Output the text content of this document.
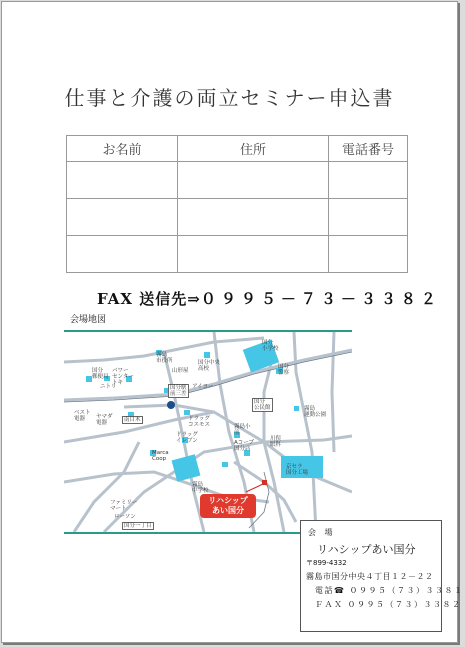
仕事と介護の両立セミナー申込書
お名前	住所	電話番号

FAX 送信先⇒０９９５－７３－３３８２
会場地図
国分
小学校
国分
警察
霧島
市役所	国分中央
高校
山形屋
国分
郵便局
パワー
センター
トキ
ニトリ	国分駅
前三差
アイヨー
ベスト
電器	ヤマダ
電器	南目木	ドラッグ
コスモス
ドラッグ
イレブン	Aコープ
国分店
霧島
中学校
川俣
眼科
ファミリー
マート
ローソン
Marca
Coop
霧島
運動公園
京セラ
国分工場
霧島小
前
国分
公民館
国分一丁目
リハシップ
あい国分
会 場
リハシップあい国分
〒899-4332
霧島市国分中央４丁目１２－２２
電話☎ ０９９５（７３）３３８１
ＦＡＸ ０９９５（７３）３３８２
